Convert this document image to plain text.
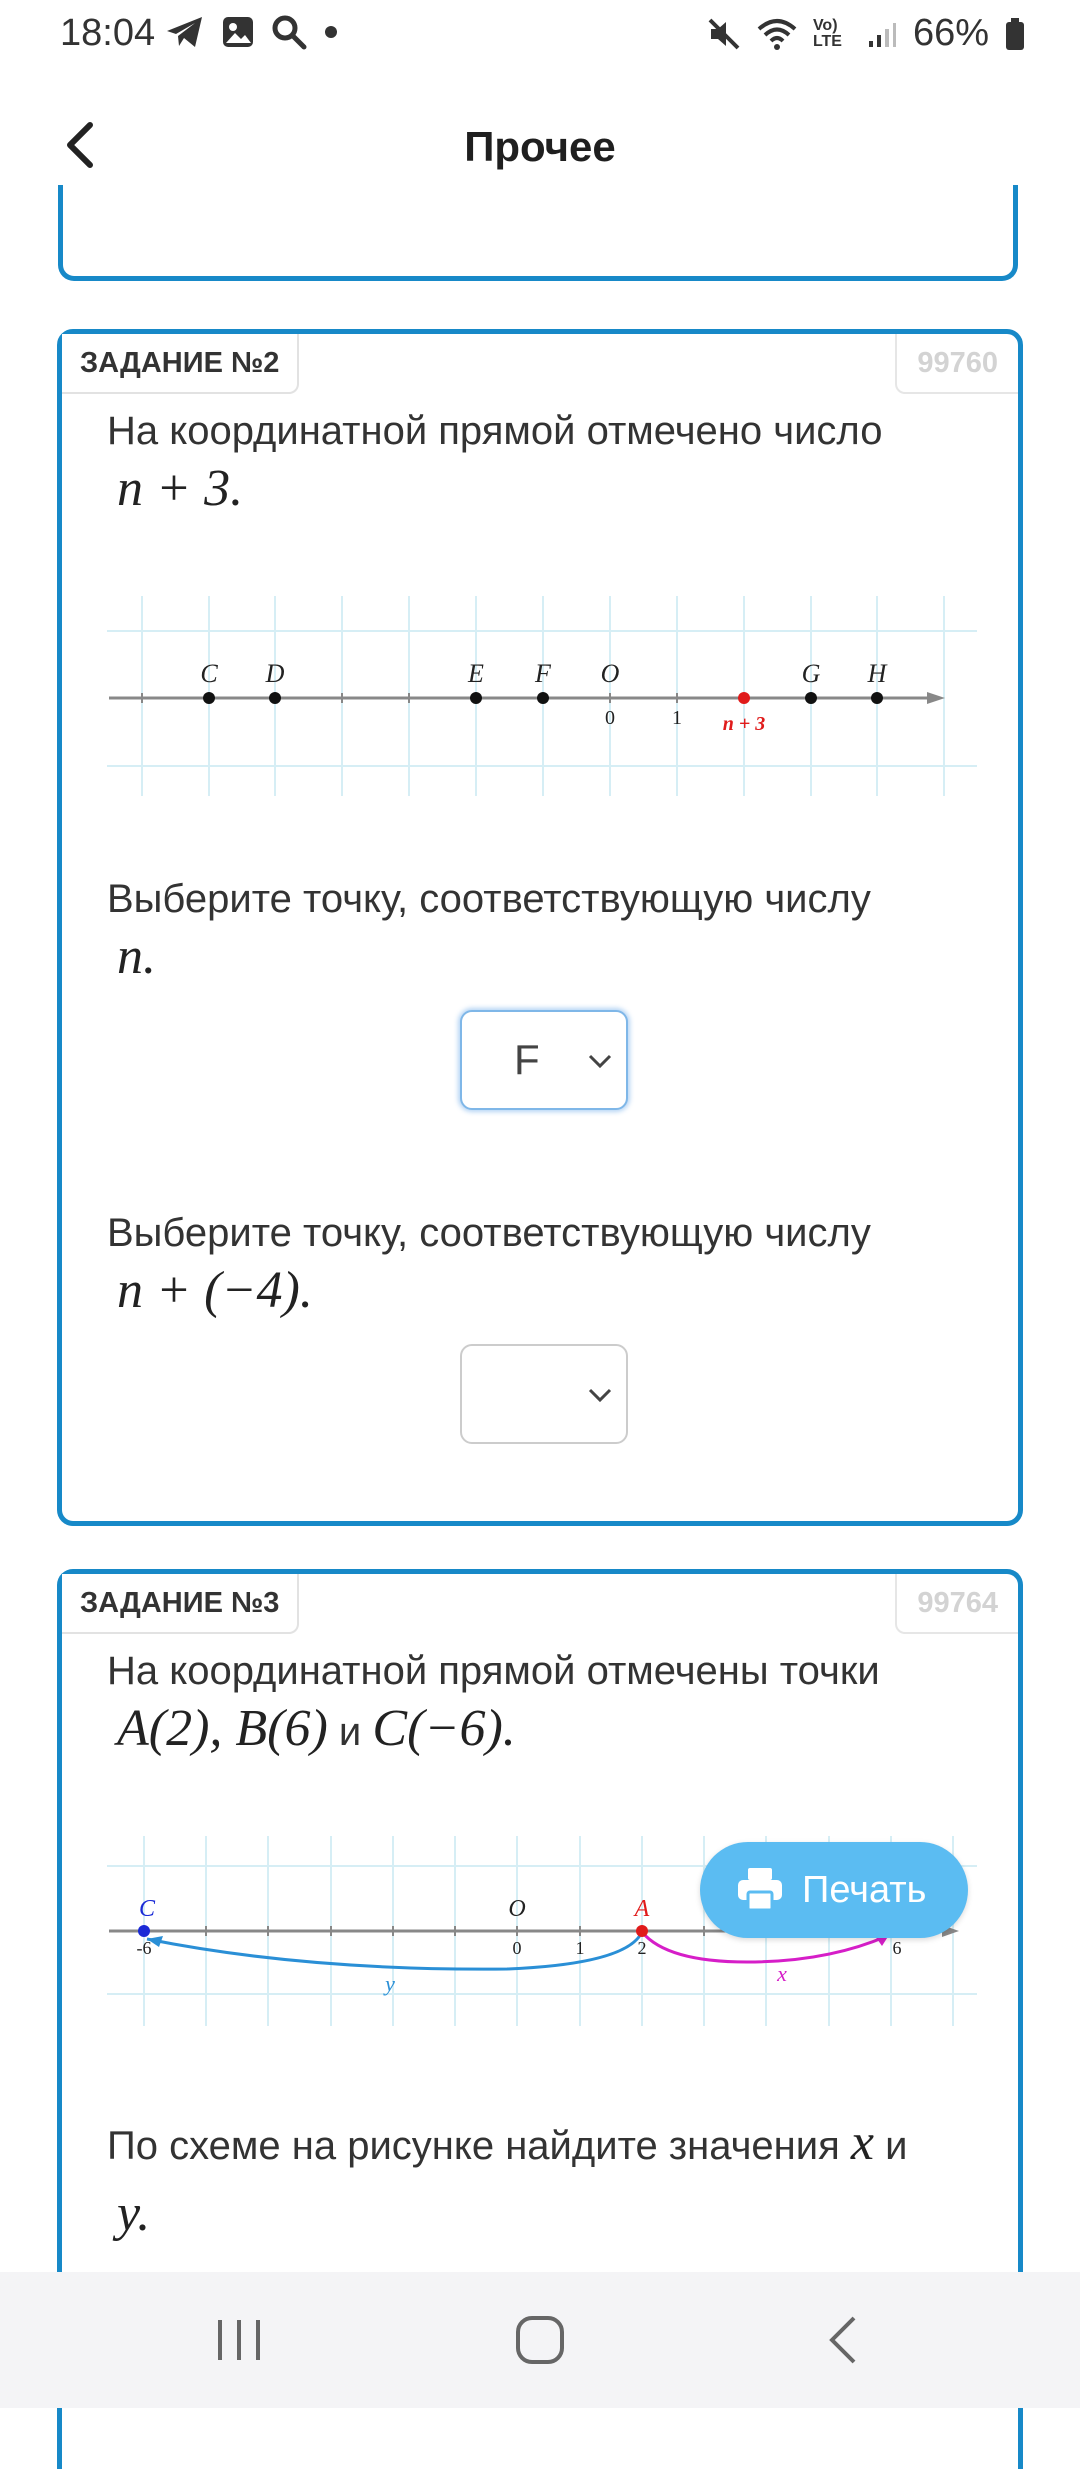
18:04	Vo) LTE 66%
Прочее
ЗАДАНИЕ №2	99760
На координатной прямой отмечено число
n + 3.
C D	E F O	G H
0	1 n + 3
Выберите точку, соответствующую числу
n.
F
Выберите точку, соответствующую числу
n + (−4).
ЗАДАНИЕ №3	99764
На координатной прямой отмечены точки
A(2), B(6) и C(−6).
C	O	A
-6	0	1	2	6
y	x
По схеме на рисунке найдите значения x и
y.
Печать
